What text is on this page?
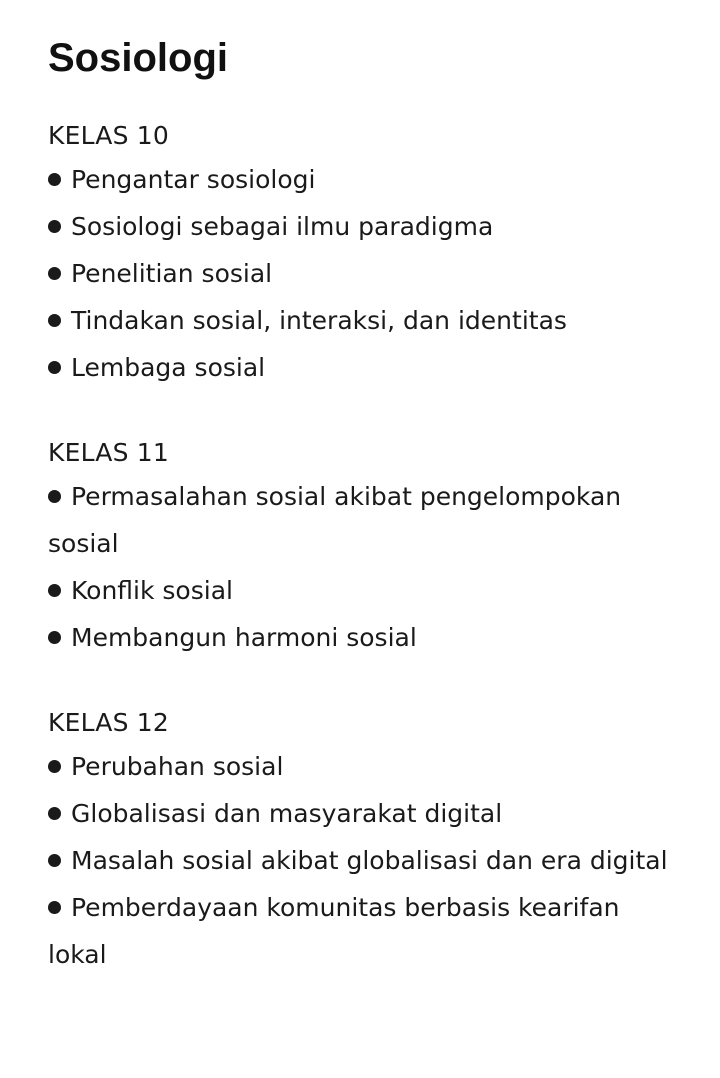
Sosiologi
KELAS 10
Pengantar sosiologi
Sosiologi sebagai ilmu paradigma
Penelitian sosial
Tindakan sosial, interaksi, dan identitas
Lembaga sosial
KELAS 11
Permasalahan sosial akibat pengelompokan sosial
Konflik sosial
Membangun harmoni sosial
KELAS 12
Perubahan sosial
Globalisasi dan masyarakat digital
Masalah sosial akibat globalisasi dan era digital
Pemberdayaan komunitas berbasis kearifan lokal
